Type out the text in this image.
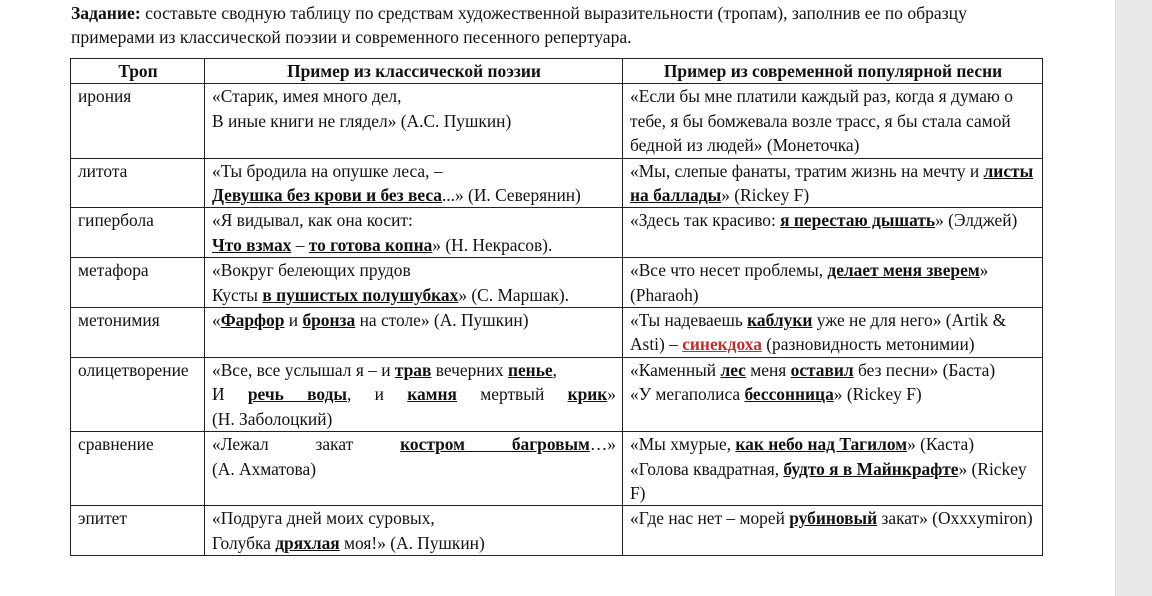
Задание: составьте сводную таблицу по средствам художественной выразительности (тропам), заполнив ее по образцу примерами из классической поэзии и современного песенного репертуара.
Троп	Пример из классической поэзии	Пример из современной популярной песни
ирония	«Старик, имея много дел,
В иные книги не глядел» (А.С. Пушкин)	«Если бы мне платили каждый раз, когда я думаю о тебе, я бы бомжевала возле трасс, я бы стала самой бедной из людей» (Монеточка)

литота	«Ты бродила на опушке леса, –
Девушка без крови и без веса...» (И. Северянин)	«Мы, слепые фанаты, тратим жизнь на мечту и листы на баллады» (Rickey F)

гипербола	«Я видывал, как она косит:
Что взмах – то готова копна» (Н. Некрасов).	«Здесь так красиво: я перестаю дышать» (Элджей)

метафора	«Вокруг белеющих прудов
Кусты в пушистых полушубках» (С. Маршак).	«Все что несет проблемы, делает меня зверем» (Pharaoh)

метонимия	«Фарфор и бронза на столе» (А. Пушкин)	«Ты надеваешь каблуки уже не для него» (Artik & Asti) – синекдоха (разновидность метонимии)

олицетворение	«Все, все услышал я – и трав вечерних пенье,
И речь воды, и камня мертвый крик»
(Н. Заболоцкий)	«Каменный лес меня оставил без песни» (Баста)
«У мегаполиса бессонница» (Rickey F)

сравнение	«Лежал закат костром багровым…»
(А. Ахматова)	«Мы хмурые, как небо над Тагилом» (Каста)
«Голова квадратная, будто я в Майнкрафте» (Rickey F)

эпитет	«Подруга дней моих суровых,
Голубка дряхлая моя!» (А. Пушкин)	«Где нас нет – морей рубиновый закат» (Oxxxymiron)
